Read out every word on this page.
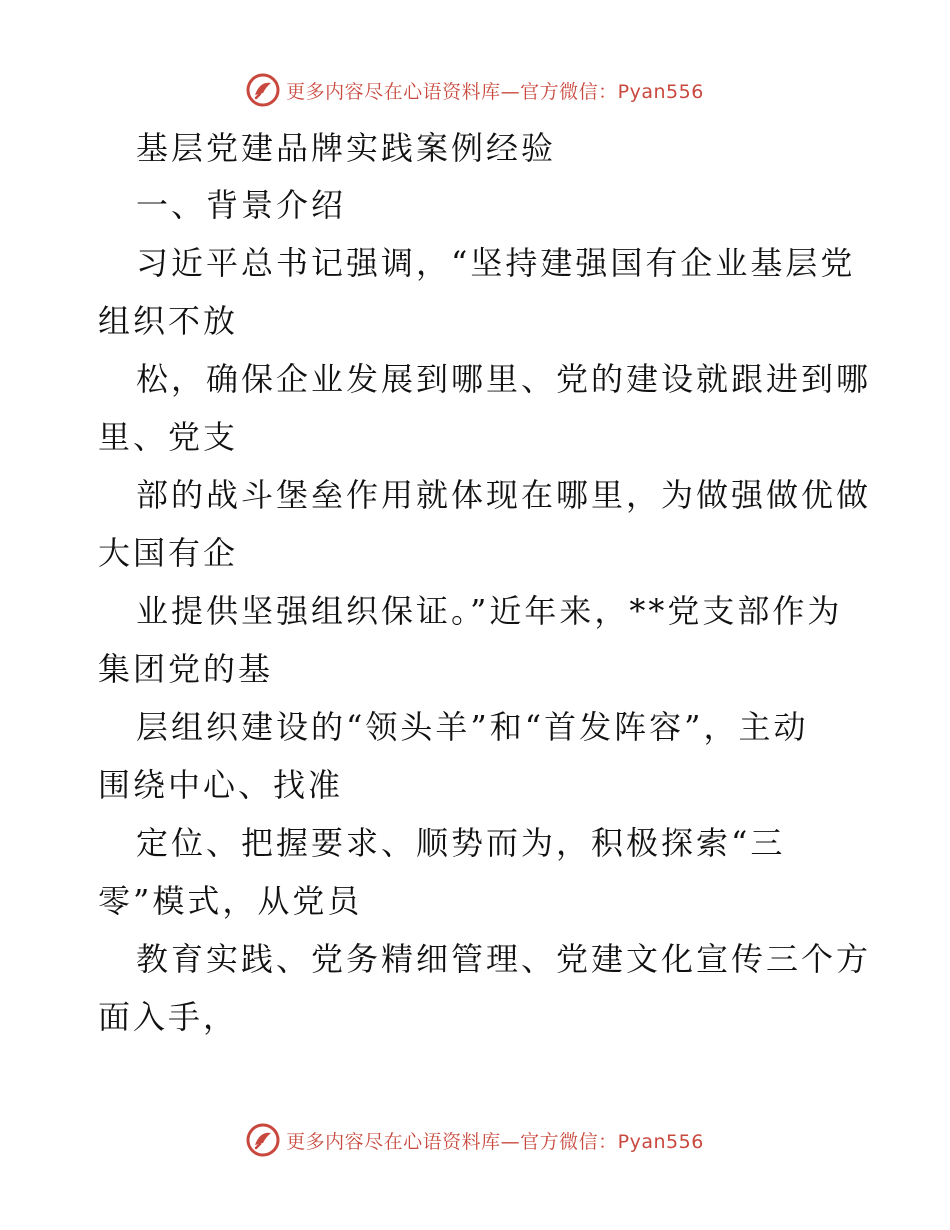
更多内容尽在心语资料库—官方微信：Pyan556
基层党建品牌实践案例经验
一、背景介绍
习近平总书记强调，“坚持建强国有企业基层党
组织不放
松，确保企业发展到哪里、党的建设就跟进到哪
里、党支
部的战斗堡垒作用就体现在哪里，为做强做优做
大国有企
业提供坚强组织保证。”近年来，**党支部作为
集团党的基
层组织建设的“领头羊”和“首发阵容”，主动
围绕中心、找准
定位、把握要求、顺势而为，积极探索“三
零”模式，从党员
教育实践、党务精细管理、党建文化宣传三个方
面入手，
更多内容尽在心语资料库—官方微信：Pyan556
